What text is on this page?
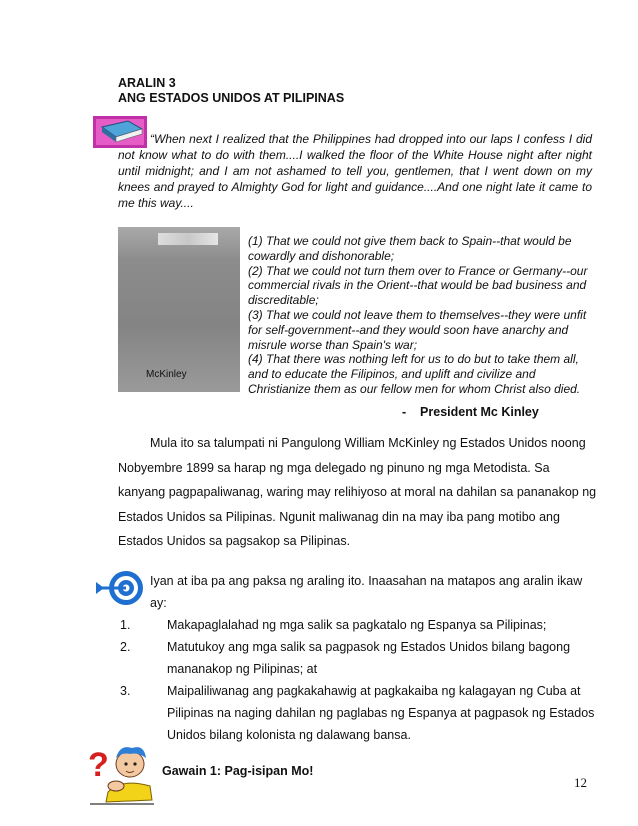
ARALIN 3
ANG ESTADOS UNIDOS AT PILIPINAS

“When next I realized that the Philippines had dropped into our laps I confess I did not know what to do with them....I walked the floor of the White House night after night until midnight; and I am not ashamed to tell you, gentlemen, that I went down on my knees and prayed to Almighty God for light and guidance....And one night late it came to me this way....

McKinley
(1) That we could not give them back to Spain--that would be cowardly and dishonorable;
(2) That we could not turn them over to France or Germany--our commercial rivals in the Orient--that would be bad business and discreditable;
(3) That we could not leave them to themselves--they were unfit for self-government--and they would soon have anarchy and misrule worse than Spain's war;
(4) That there was nothing left for us to do but to take them all, and to educate the Filipinos, and uplift and civilize and Christianize them as our fellow men for whom Christ also died.
-    President Mc Kinley

Mula ito sa talumpati ni Pangulong William McKinley ng Estados Unidos noong Nobyembre 1899 sa harap ng mga delegado ng pinuno ng mga Metodista. Sa kanyang pagpapaliwanag, waring may relihiyoso at moral na dahilan sa pananakop ng Estados Unidos sa Pilipinas. Ngunit maliwanag din na may iba pang motibo ang Estados Unidos sa pagsakop sa Pilipinas.

Iyan at iba pa ang paksa ng araling ito. Inaasahan na matapos ang aralin ikaw ay:

1.	Makapaglalahad ng mga salik sa pagkatalo ng Espanya sa Pilipinas;
2.	Matutukoy ang mga salik sa pagpasok ng Estados Unidos bilang bagong mananakop ng Pilipinas; at
3.	Maipaliliwanag ang pagkakahawig at pagkakaiba ng kalagayan ng Cuba at Pilipinas na naging dahilan ng paglabas ng Espanya at pagpasok ng Estados Unidos bilang kolonista ng dalawang bansa.
?	Gawain 1: Pag-isipan Mo!
12
